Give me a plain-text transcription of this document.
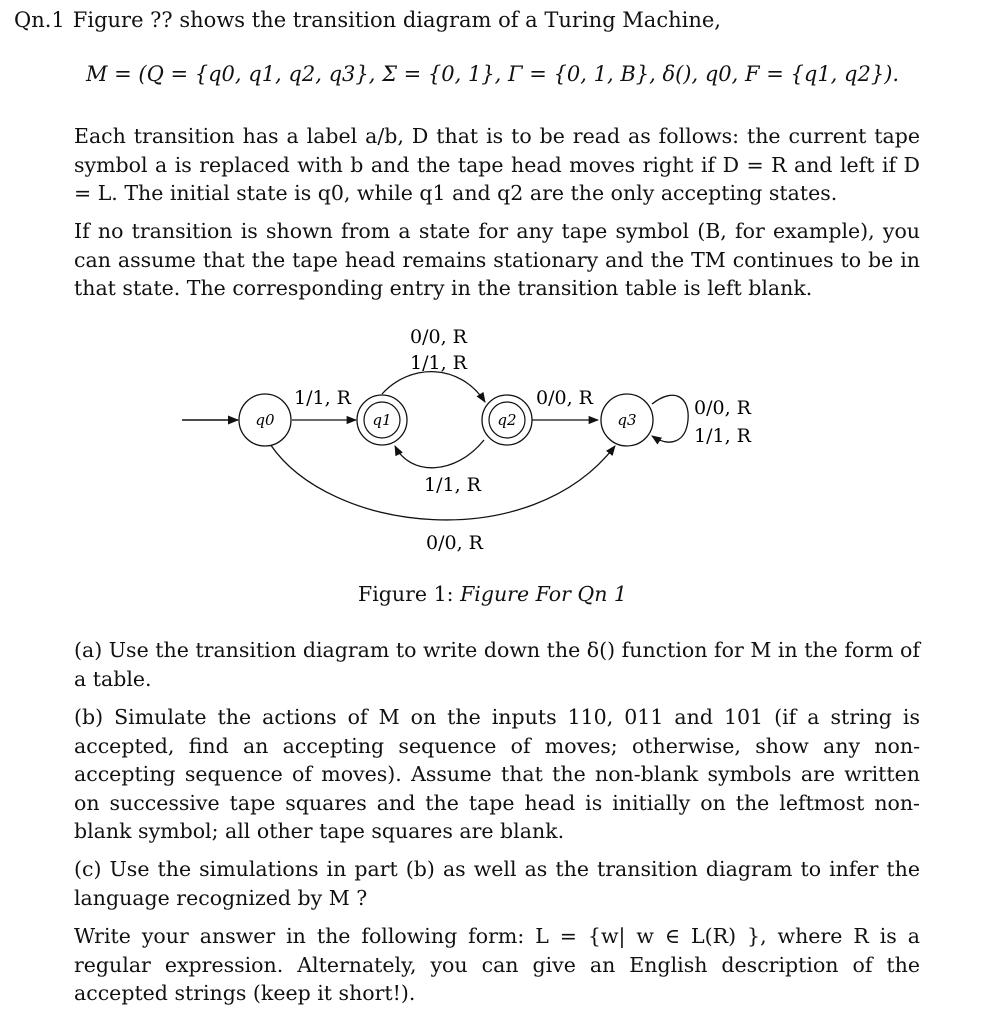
Qn.1 Figure ?? shows the transition diagram of a Turing Machine,
M = (Q = {q0, q1, q2, q3}, Σ = {0, 1}, Γ = {0, 1, B}, δ(), q0, F = {q1, q2}).
Each transition has a label a/b, D that is to be read as follows: the current tape symbol a is replaced with b and the tape head moves right if D = R and left if D = L. The initial state is q0, while q1 and q2 are the only accepting states.
If no transition is shown from a state for any tape symbol (B, for example), you can assume that the tape head remains stationary and the TM continues to be in that state. The corresponding entry in the transition table is left blank.
1/1, R
0/0, R
1/1, R
1/1, R
0/0, R	0/0, R
1/1, R
0/0, R
q0	q1	q2	q3
Figure 1: Figure For Qn 1
(a) Use the transition diagram to write down the δ() function for M in the form of a table.
(b) Simulate the actions of M on the inputs 110, 011 and 101 (if a string is accepted, find an accepting sequence of moves; otherwise, show any non-accepting sequence of moves). Assume that the non-blank symbols are written on successive tape squares and the tape head is initially on the leftmost non-blank symbol; all other tape squares are blank.
(c) Use the simulations in part (b) as well as the transition diagram to infer the language recognized by M ?
Write your answer in the following form: L = {w| w ∈ L(R) }, where R is a regular expression. Alternately, you can give an English description of the accepted strings (keep it short!).
